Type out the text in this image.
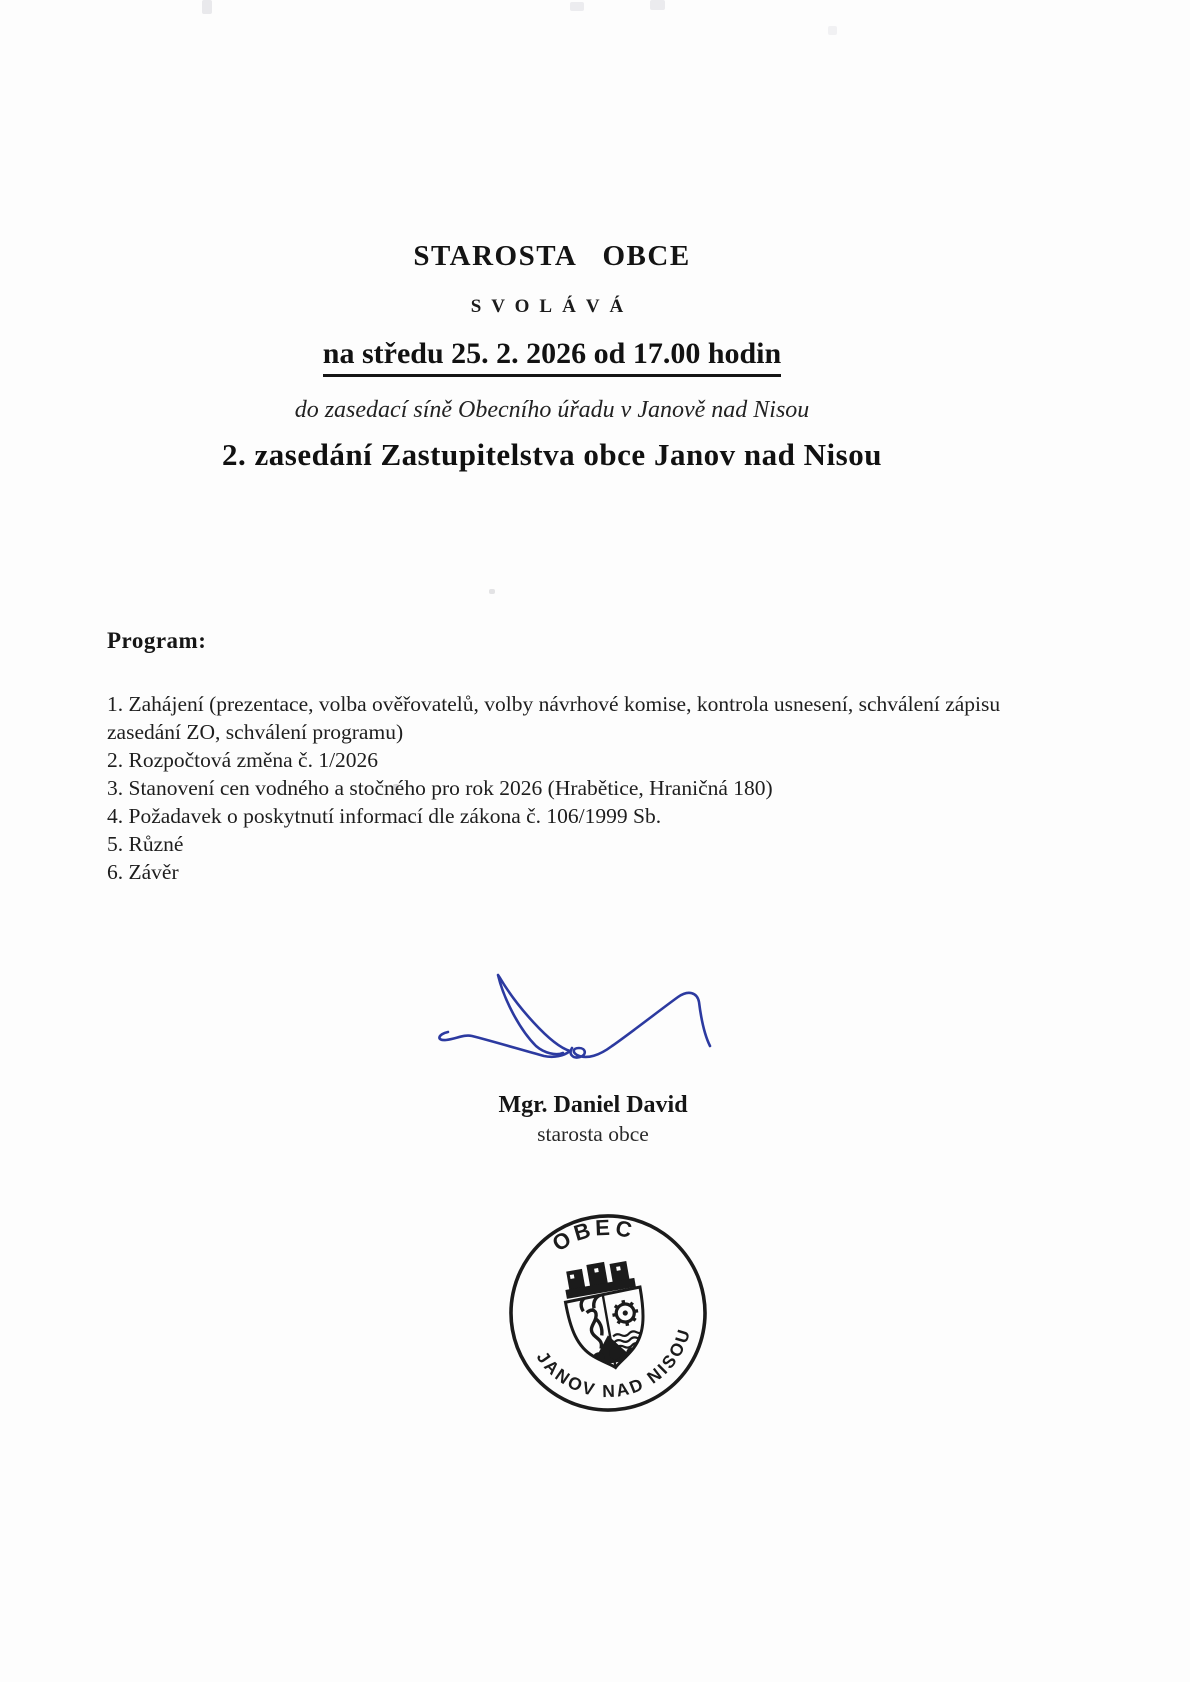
STAROSTA OBCE
SVOLÁVÁ
na středu 25. 2. 2026 od 17.00 hodin
do zasedací síně Obecního úřadu v Janově nad Nisou
2. zasedání Zastupitelstva obce Janov nad Nisou
Program:
1. Zahájení (prezentace, volba ověřovatelů, volby návrhové komise, kontrola usnesení, schválení zápisu zasedání ZO, schválení programu)
2. Rozpočtová změna č. 1/2026
3. Stanovení cen vodného a stočného pro rok 2026 (Hrabětice, Hraničná 180)
4. Požadavek o poskytnutí informací dle zákona č. 106/1999 Sb.
5. Různé
6. Závěr
Mgr. Daniel David
starosta obce
OBEC
JANOV NAD NISOU
